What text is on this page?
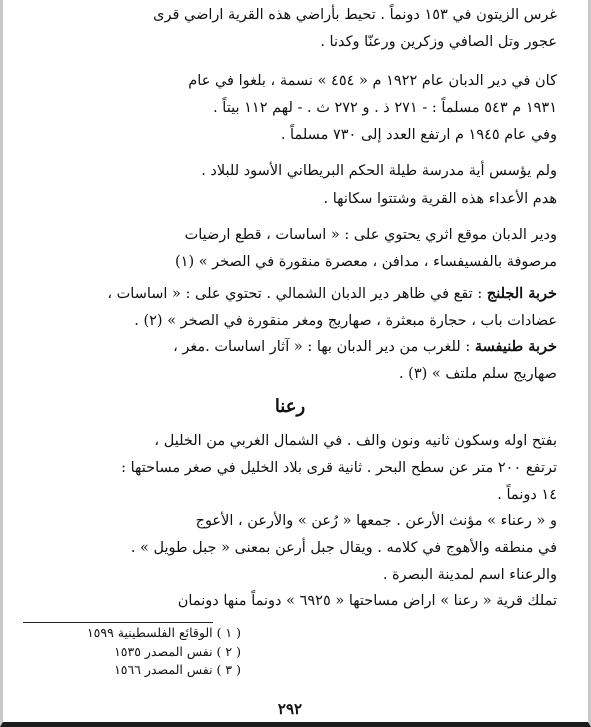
غرس الزيتون في ١٥٣ دونماً . تحيط بأراضي هذه القرية اراضي قرى
عجور وتل الصافي وزكرين ورعنّا وكدنا .
كان في دير الدبان عام ١٩٢٢ م « ٤٥٤ » نسمة ، بلغوا في عام
١٩٣١ م ٥٤٣ مسلماً : - ٢٧١ ذ . و ٢٧٢ ث . - لهم ١١٢ بيتاً .
وفي عام ١٩٤٥ م ارتفع العدد إلى ٧٣٠ مسلماً .
ولم يؤسس أية مدرسة طيلة الحكم البريطاني الأسود للبلاد .
هدم الأعداء هذه القرية وشتتوا سكانها .
ودير الدبان موقع اثري يحتوي على : « اساسات ، قطع ارضيات
مرصوفة بالفسيفساء ، مدافن ، معصرة منقورة في الصخر » (١)
خربة الجلنج : تقع في ظاهر دير الدبان الشمالي . تحتوي على : « اساسات ،
عضادات باب ، حجارة مبعثرة ، صهاريج ومغر منقورة في الصخر » (٢) .
خربة طنيفسة : للغرب من دير الدبان بها : « آثار اساسات .مغر ،
صهاريج سلم ملتف » (٣) .
رعنا
بفتح اوله وسكون ثانيه ونون والف . في الشمال الغربي من الخليل ،
ترتفع ٢٠٠ متر عن سطح البحر . ثانية قرى بلاد الخليل في صغر مساحتها :
١٤ دونماً .
و « رعناء » مؤنث الأرعن . جمعها « رُعن » والأرعن ، الأعوج
في منطقه والأهوج في كلامه . ويقال جبل أرعن بمعنى « جبل طويل » .
والرعناء اسم لمدينة البصرة .
تملك قرية « رعنا » اراض مساحتها « ٦٩٢٥ » دونماً منها دونمان
( ١ ) الوقائع الفلسطينية ١٥٩٩
( ٢ ) نفس المصدر ١٥٣٥
( ٣ ) نفس المصدر ١٥٦٦
٢٩٢
